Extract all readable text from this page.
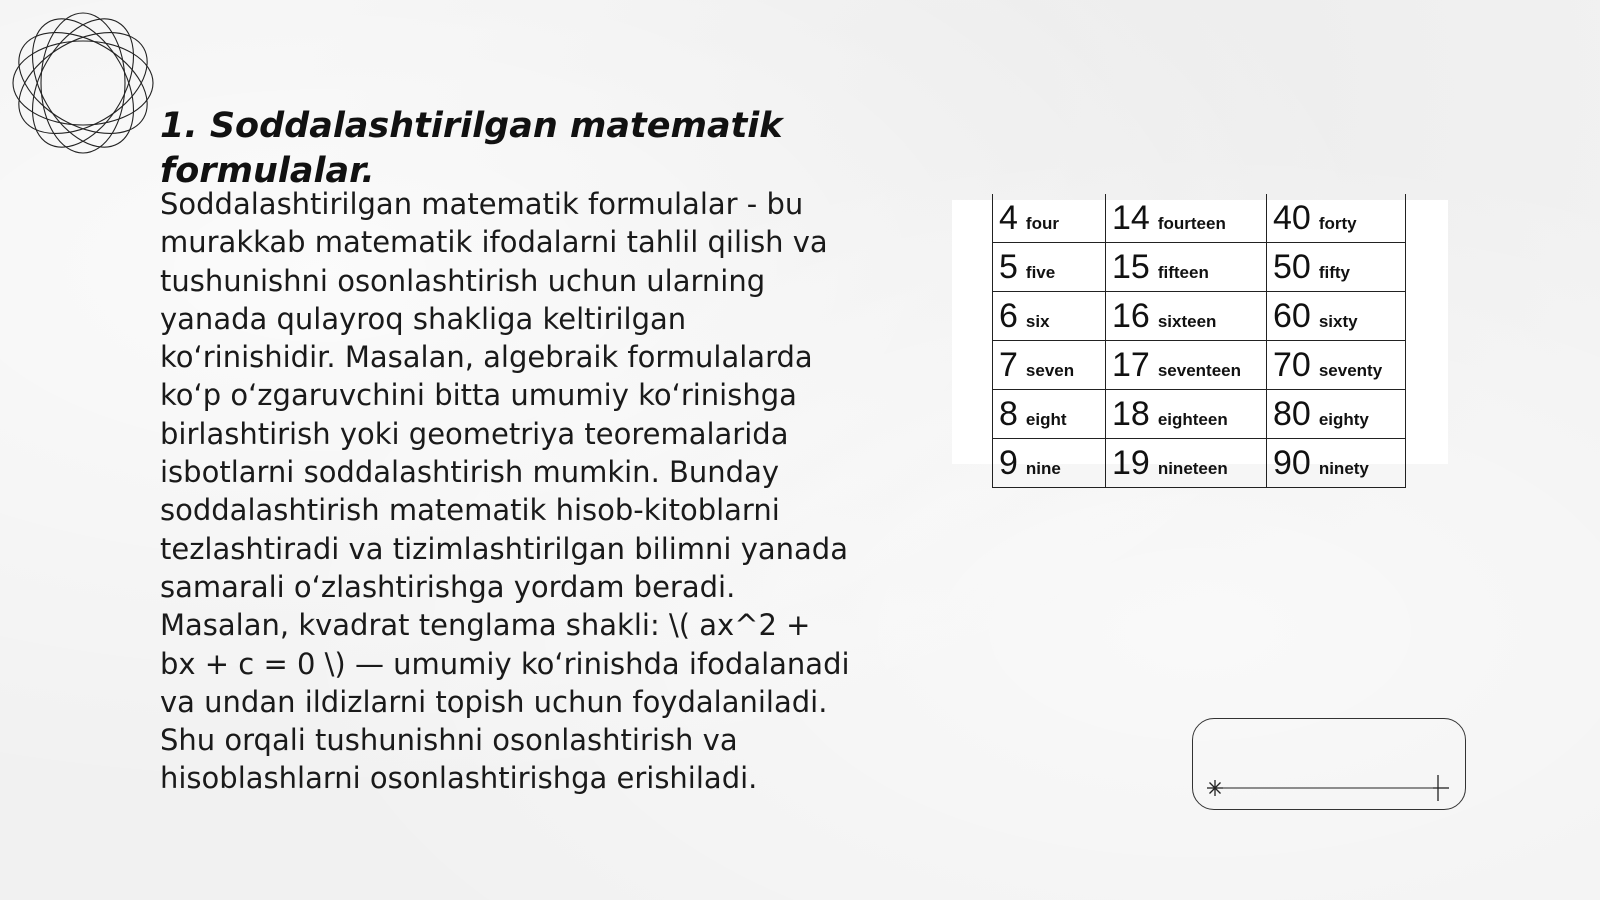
1. Soddalashtirilgan matematik formulalar.

Soddalashtirilgan matematik formulalar - bu murakkab matematik ifodalarni tahlil qilish va tushunishni osonlashtirish uchun ularning yanada qulayroq shakliga keltirilgan ko‘rinishidir. Masalan, algebraik formulalarda ko‘p o‘zgaruvchini bitta umumiy ko‘rinishga birlashtirish yoki geometriya teoremalarida isbotlarni soddalashtirish mumkin. Bunday soddalashtirish matematik hisob-kitoblarni tezlashtiradi va tizimlashtirilgan bilimni yanada samarali o‘zlashtirishga yordam beradi. Masalan, kvadrat tenglama shakli: \( ax^2 + bx + c = 0 \) — umumiy ko‘rinishda ifodalanadi va undan ildizlarni topish uchun foydalaniladi. Shu orqali tushunishni osonlashtirish va hisoblashlarni osonlashtirishga erishiladi.

4 four	14 fourteen	40 forty
5 five	15 fifteen	50 fifty
6 six	16 sixteen	60 sixty
7 seven	17 seventeen	70 seventy
8 eight	18 eighteen	80 eighty
9 nine	19 nineteen	90 ninety
